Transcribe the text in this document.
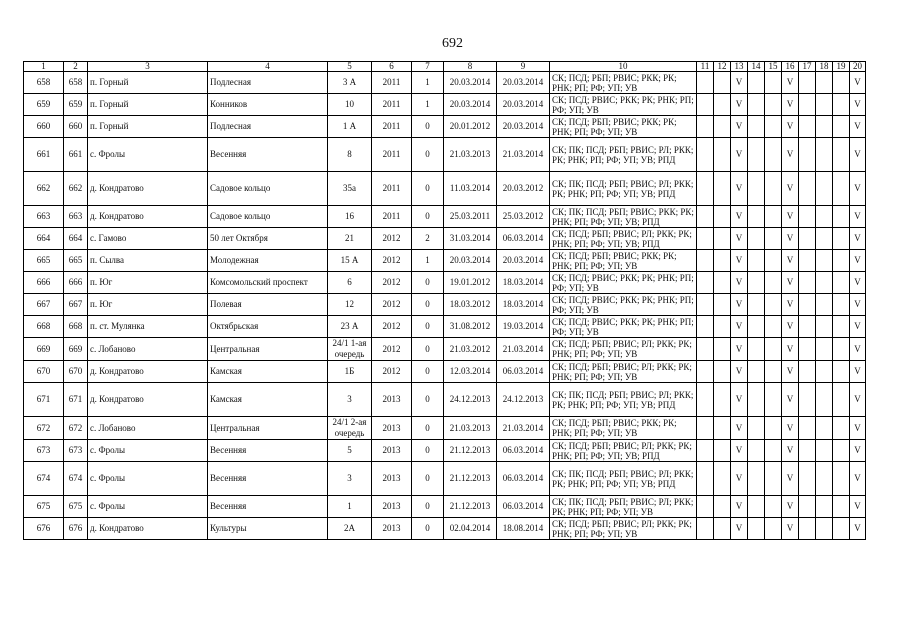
692
1	2	3	4	5	6	7	8	9	10	11	12	13	14	15	16	17	18	19	20
658	658	п. Горный	Подлесная	3 А	2011	1	20.03.2014	20.03.2014	СК; ПСД; РБП; РВИС; РКК; РК; РНК; РП; РФ; УП; УВ			V			V				V
659	659	п. Горный	Конников	10	2011	1	20.03.2014	20.03.2014	СК; ПСД; РВИС; РКК; РК; РНК; РП; РФ; УП; УВ			V			V				V
660	660	п. Горный	Подлесная	1 А	2011	0	20.01.2012	20.03.2014	СК; ПСД; РБП; РВИС; РКК; РК; РНК; РП; РФ; УП; УВ			V			V				V
661	661	с. Фролы	Весенняя	8	2011	0	21.03.2013	21.03.2014	СК; ПК; ПСД; РБП; РВИС; РЛ; РКК; РК; РНК; РП; РФ; УП; УВ; РПД			V			V				V
662	662	д. Кондратово	Садовое кольцо	35а	2011	0	11.03.2014	20.03.2012	СК; ПК; ПСД; РБП; РВИС; РЛ; РКК; РК; РНК; РП; РФ; УП; УВ; РПД			V			V				V
663	663	д. Кондратово	Садовое кольцо	16	2011	0	25.03.2011	25.03.2012	СК; ПК; ПСД; РБП; РВИС; РКК; РК; РНК; РП; РФ; УП; УВ; РПД			V			V				V
664	664	с. Гамово	50 лет Октября	21	2012	2	31.03.2014	06.03.2014	СК; ПСД; РБП; РВИС; РЛ; РКК; РК; РНК; РП; РФ; УП; УВ; РПД			V			V				V
665	665	п. Сылва	Молодежная	15 А	2012	1	20.03.2014	20.03.2014	СК; ПСД; РБП; РВИС; РКК; РК; РНК; РП; РФ; УП; УВ			V			V				V
666	666	п. Юг	Комсомольский проспект	6	2012	0	19.01.2012	18.03.2014	СК; ПСД; РВИС; РКК; РК; РНК; РП; РФ; УП; УВ			V			V				V
667	667	п. Юг	Полевая	12	2012	0	18.03.2012	18.03.2014	СК; ПСД; РВИС; РКК; РК; РНК; РП; РФ; УП; УВ			V			V				V
668	668	п. ст. Мулянка	Октябрьская	23 А	2012	0	31.08.2012	19.03.2014	СК; ПСД; РВИС; РКК; РК; РНК; РП; РФ; УП; УВ			V			V				V
669	669	с. Лобаново	Центральная	24/1 1-ая очередь	2012	0	21.03.2012	21.03.2014	СК; ПСД; РБП; РВИС; РЛ; РКК; РК; РНК; РП; РФ; УП; УВ			V			V				V
670	670	д. Кондратово	Камская	1Б	2012	0	12.03.2014	06.03.2014	СК; ПСД; РБП; РВИС; РЛ; РКК; РК; РНК; РП; РФ; УП; УВ			V			V				V
671	671	д. Кондратово	Камская	3	2013	0	24.12.2013	24.12.2013	СК; ПК; ПСД; РБП; РВИС; РЛ; РКК; РК; РНК; РП; РФ; УП; УВ; РПД			V			V				V
672	672	с. Лобаново	Центральная	24/1 2-ая очередь	2013	0	21.03.2013	21.03.2014	СК; ПСД; РБП; РВИС; РКК; РК; РНК; РП; РФ; УП; УВ			V			V				V
673	673	с. Фролы	Весенняя	5	2013	0	21.12.2013	06.03.2014	СК; ПСД; РБП; РВИС; РЛ; РКК; РК; РНК; РП; РФ; УП; УВ; РПД			V			V				V
674	674	с. Фролы	Весенняя	3	2013	0	21.12.2013	06.03.2014	СК; ПК; ПСД; РБП; РВИС; РЛ; РКК; РК; РНК; РП; РФ; УП; УВ; РПД			V			V				V
675	675	с. Фролы	Весенняя	1	2013	0	21.12.2013	06.03.2014	СК; ПК; ПСД; РБП; РВИС; РЛ; РКК; РК; РНК; РП; РФ; УП; УВ			V			V				V
676	676	д. Кондратово	Культуры	2А	2013	0	02.04.2014	18.08.2014	СК; ПСД; РБП; РВИС; РЛ; РКК; РК; РНК; РП; РФ; УП; УВ			V			V				V
